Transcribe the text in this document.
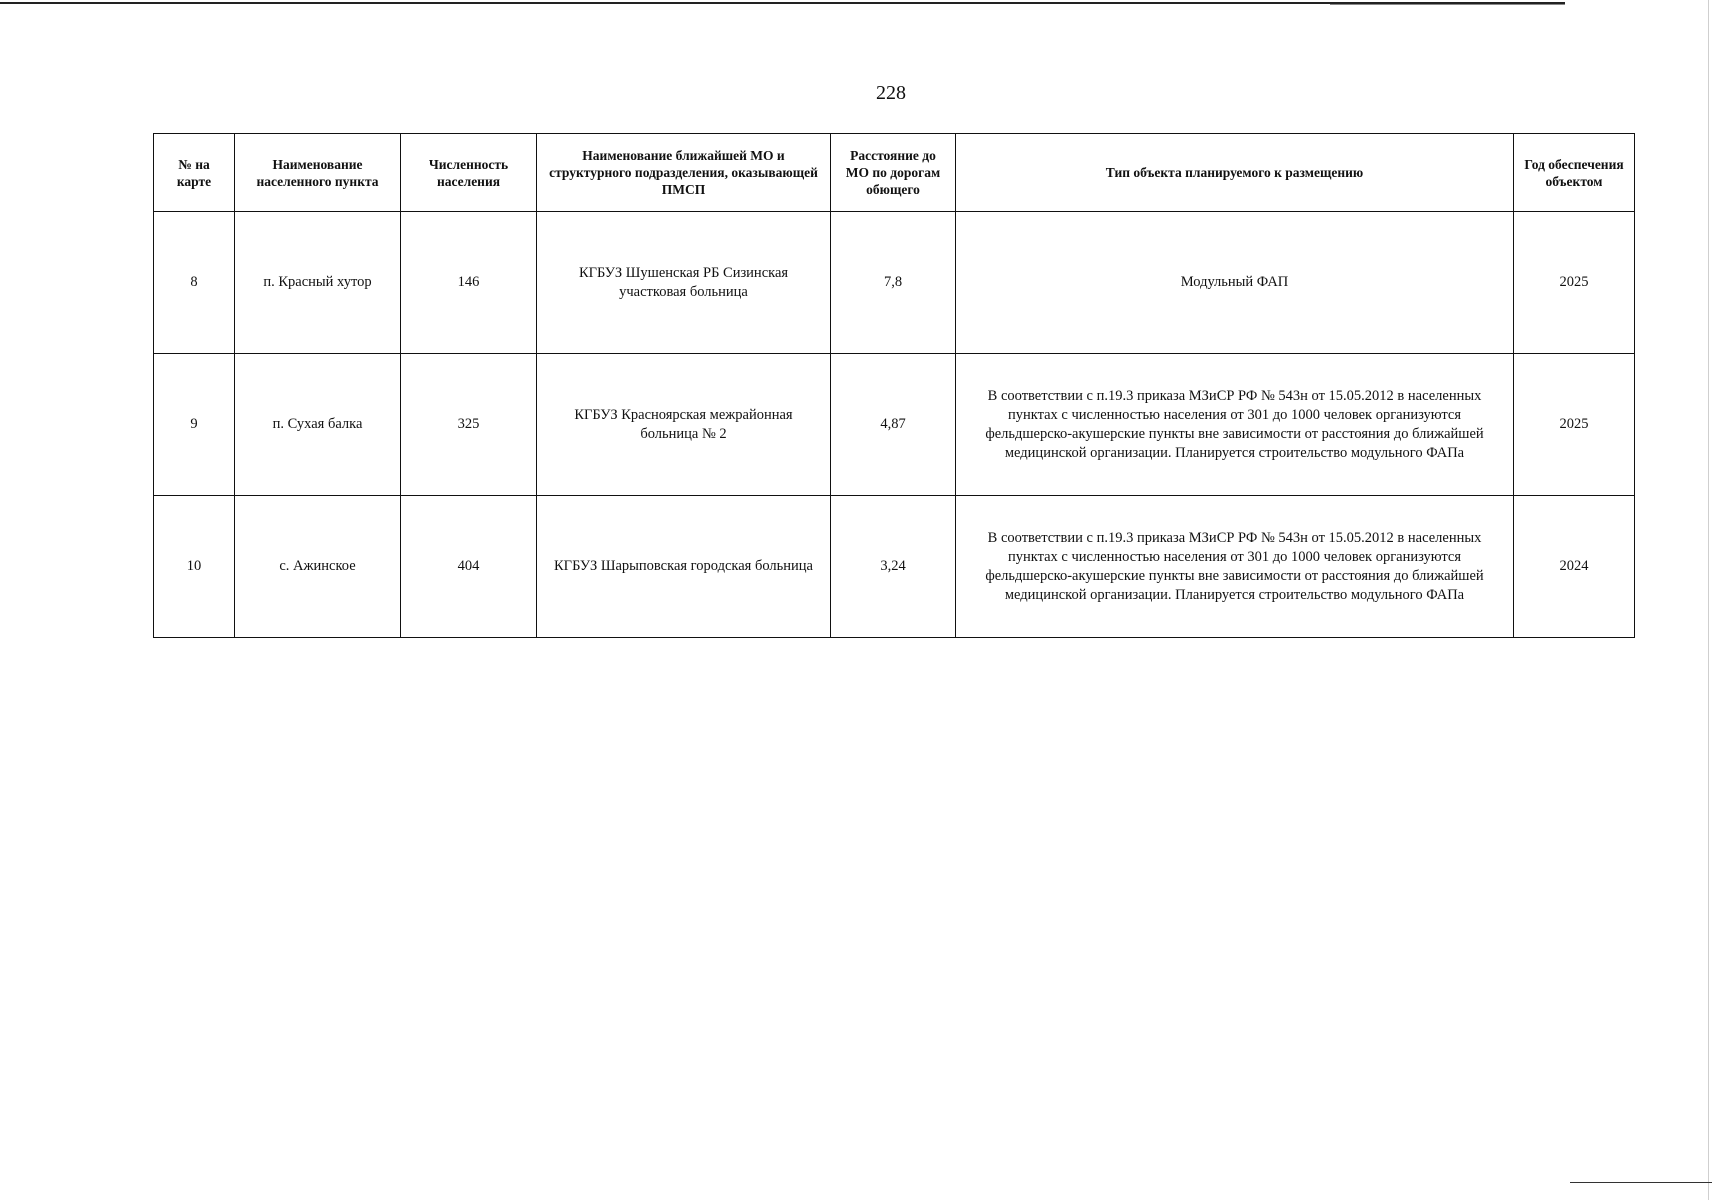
228
№ на карте	Наименование населенного пункта	Численность населения	Наименование ближайшей МО и структурного подразделения, оказывающей ПМСП	Расстояние до МО по дорогам обющего	Тип объекта планируемого к размещению	Год обеспечения объектом
8	п. Красный хутор	146	КГБУЗ Шушенская РБ Сизинская участковая больница	7,8	Модульный ФАП	2025
9	п. Сухая балка	325	КГБУЗ Красноярская межрайонная больница № 2	4,87	В соответствии с п.19.3 приказа МЗиСР РФ № 543н от 15.05.2012 в населенных пунктах с численностью населения от 301 до 1000 человек организуются фельдшерско-акушерские пункты вне зависимости от расстояния до ближайшей медицинской организации. Планируется строительство модульного ФАПа	2025
10	с. Ажинское	404	КГБУЗ Шарыповская городская больница	3,24	В соответствии с п.19.3 приказа МЗиСР РФ № 543н от 15.05.2012 в населенных пунктах с численностью населения от 301 до 1000 человек организуются фельдшерско-акушерские пункты вне зависимости от расстояния до ближайшей медицинской организации. Планируется строительство модульного ФАПа	2024
